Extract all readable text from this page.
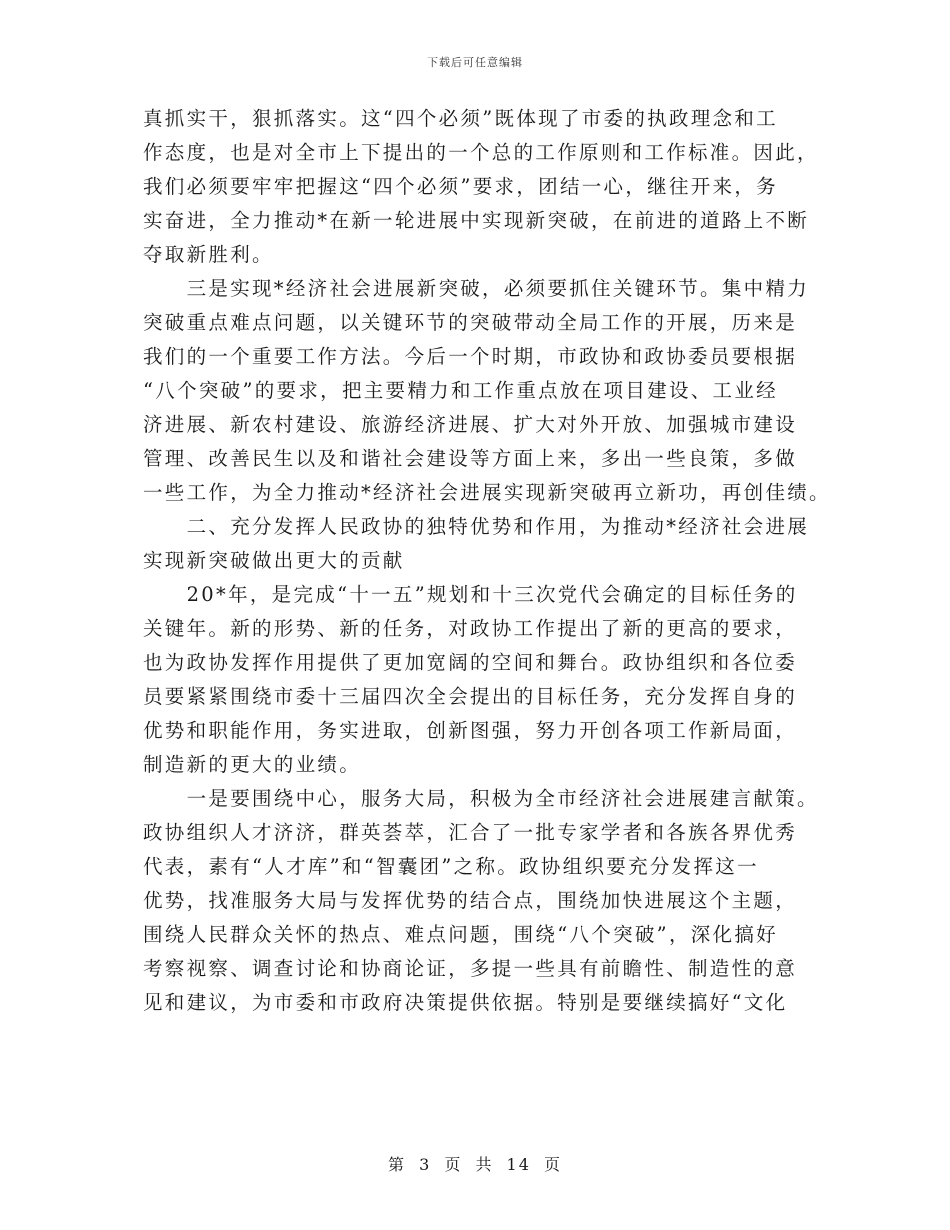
下载后可任意编辑
真抓实干，狠抓落实。这“四个必须”既体现了市委的执政理念和工
作态度，也是对全市上下提出的一个总的工作原则和工作标准。因此，
我们必须要牢牢把握这“四个必须”要求，团结一心，继往开来，务
实奋进，全力推动*在新一轮进展中实现新突破，在前进的道路上不断
夺取新胜利。
　　三是实现*经济社会进展新突破，必须要抓住关键环节。集中精力
突破重点难点问题，以关键环节的突破带动全局工作的开展，历来是
我们的一个重要工作方法。今后一个时期，市政协和政协委员要根据
“八个突破”的要求，把主要精力和工作重点放在项目建设、工业经
济进展、新农村建设、旅游经济进展、扩大对外开放、加强城市建设
管理、改善民生以及和谐社会建设等方面上来，多出一些良策，多做
一些工作，为全力推动*经济社会进展实现新突破再立新功，再创佳绩。
　　二、充分发挥人民政协的独特优势和作用，为推动*经济社会进展
实现新突破做出更大的贡献
　　20*年，是完成“十一五”规划和十三次党代会确定的目标任务的
关键年。新的形势、新的任务，对政协工作提出了新的更高的要求，
也为政协发挥作用提供了更加宽阔的空间和舞台。政协组织和各位委
员要紧紧围绕市委十三届四次全会提出的目标任务，充分发挥自身的
优势和职能作用，务实进取，创新图强，努力开创各项工作新局面，
制造新的更大的业绩。
　　一是要围绕中心，服务大局，积极为全市经济社会进展建言献策。
政协组织人才济济，群英荟萃，汇合了一批专家学者和各族各界优秀
代表，素有“人才库”和“智囊团”之称。政协组织要充分发挥这一
优势，找准服务大局与发挥优势的结合点，围绕加快进展这个主题，
围绕人民群众关怀的热点、难点问题，围绕“八个突破”，深化搞好
考察视察、调查讨论和协商论证，多提一些具有前瞻性、制造性的意
见和建议，为市委和市政府决策提供依据。特别是要继续搞好“文化
第 3 页 共 14 页
